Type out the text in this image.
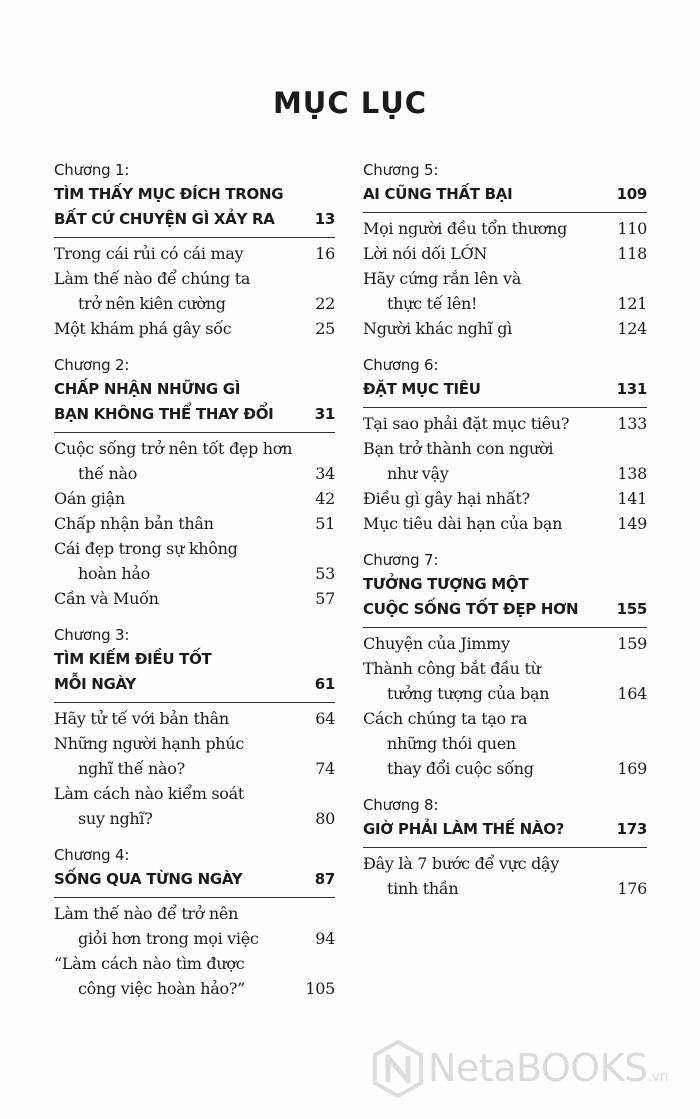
MỤC LỤC
Chương 1:
TÌM THẤY MỤC ĐÍCH TRONG
BẤT CỨ CHUYỆN GÌ XẢY RA	13
Trong cái rủi có cái may	16
Làm thế nào để chúng ta
trở nên kiên cường	22
Một khám phá gây sốc	25
Chương 2:
CHẤP NHẬN NHỮNG GÌ
BẠN KHÔNG THỂ THAY ĐỔI	31
Cuộc sống trở nên tốt đẹp hơn
thế nào	34
Oán giận	42
Chấp nhận bản thân	51
Cái đẹp trong sự không
hoàn hảo	53
Cần và Muốn	57
Chương 3:
TÌM KIẾM ĐIỀU TỐT
MỖI NGÀY	61
Hãy tử tế với bản thân	64
Những người hạnh phúc
nghĩ thế nào?	74
Làm cách nào kiểm soát
suy nghĩ?	80
Chương 4:
SỐNG QUA TỪNG NGÀY	87
Làm thế nào để trở nên
giỏi hơn trong mọi việc	94
“Làm cách nào tìm được
công việc hoàn hảo?”	105
Chương 5:
AI CŨNG THẤT BẠI	109
Mọi người đều tổn thương	110
Lời nói dối LỚN	118
Hãy cứng rắn lên và
thực tế lên!	121
Người khác nghĩ gì	124
Chương 6:
ĐẶT MỤC TIÊU	131
Tại sao phải đặt mục tiêu?	133
Bạn trở thành con người
như vậy	138
Điều gì gây hại nhất?	141
Mục tiêu dài hạn của bạn	149
Chương 7:
TƯỞNG TƯỢNG MỘT
CUỘC SỐNG TỐT ĐẸP HƠN	155
Chuyện của Jimmy	159
Thành công bắt đầu từ
tưởng tượng của bạn	164
Cách chúng ta tạo ra
những thói quen
thay đổi cuộc sống	169
Chương 8:
GIỜ PHẢI LÀM THẾ NÀO?	173
Đây là 7 bước để vực dậy
tinh thần	176
NetaBOOKS.vn
